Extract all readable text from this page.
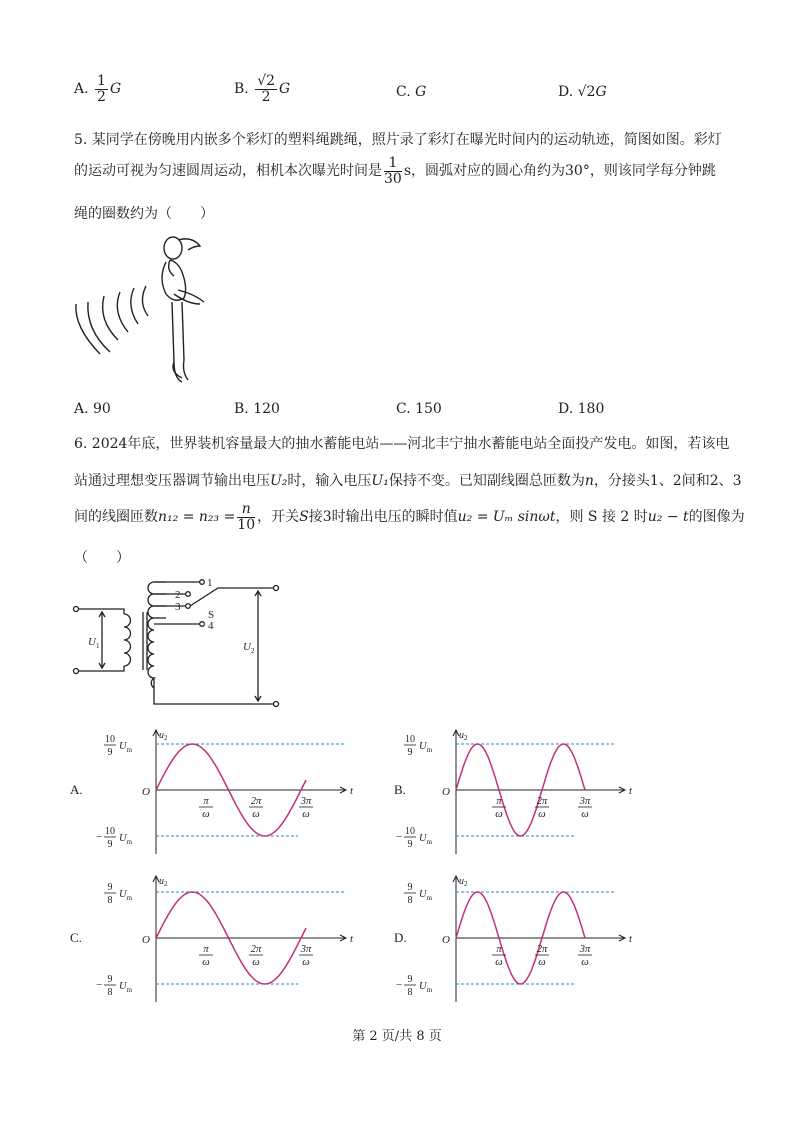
A. $\frac{1}{2}$ G	B. $\frac{√2}{2}$ G	C. G	D. √2G
5. 某同学在傍晚用内嵌多个彩灯的塑料绳跳绳，照片录了彩灯在曝光时间内的运动轨迹，简图如图。彩灯
的运动可视为匀速圆周运动，相机本次曝光时间是 $\frac{1}{30}$ s，圆弧对应的圆心角约为30°，则该同学每分钟跳
绳的圈数约为（　　）
A. 90	B. 120	C. 150	D. 180
6. 2024年底，世界装机容量最大的抽水蓄能电站——河北丰宁抽水蓄能电站全面投产发电。如图，若该电
站通过理想变压器调节输出电压U₂时，输入电压U₁保持不变。已知副线圈总匝数为n，分接头1、2间和2、3
间的线圈匝数$n_{12} = n_{23} = \frac{n}{10}$ ，开关S接3时输出电压的瞬时值u₂ = Uₘ sinωt，则 S 接 2 时u₂ − t的图像为
（　　）
1
2
3
4
S
$U_1$	$U_2$
A.
$u_2$
t
O
10
9
$U_m$
− 10
9
$U_m$
π
ω
2π
ω
3π
ω
B.
$u_2$
t
O
10
9
$U_m$
− 10
9
$U_m$
π
ω
2π
ω
3π
ω
C.
$u_2$
t
O
9
8
$U_m$
− 9
8
$U_m$
π
ω
2π
ω
3π
ω
D.
$u_2$
t
O
9
8
$U_m$
− 9
8
$U_m$
π
ω
2π
ω
3π
ω
第 2 页/共 8 页
